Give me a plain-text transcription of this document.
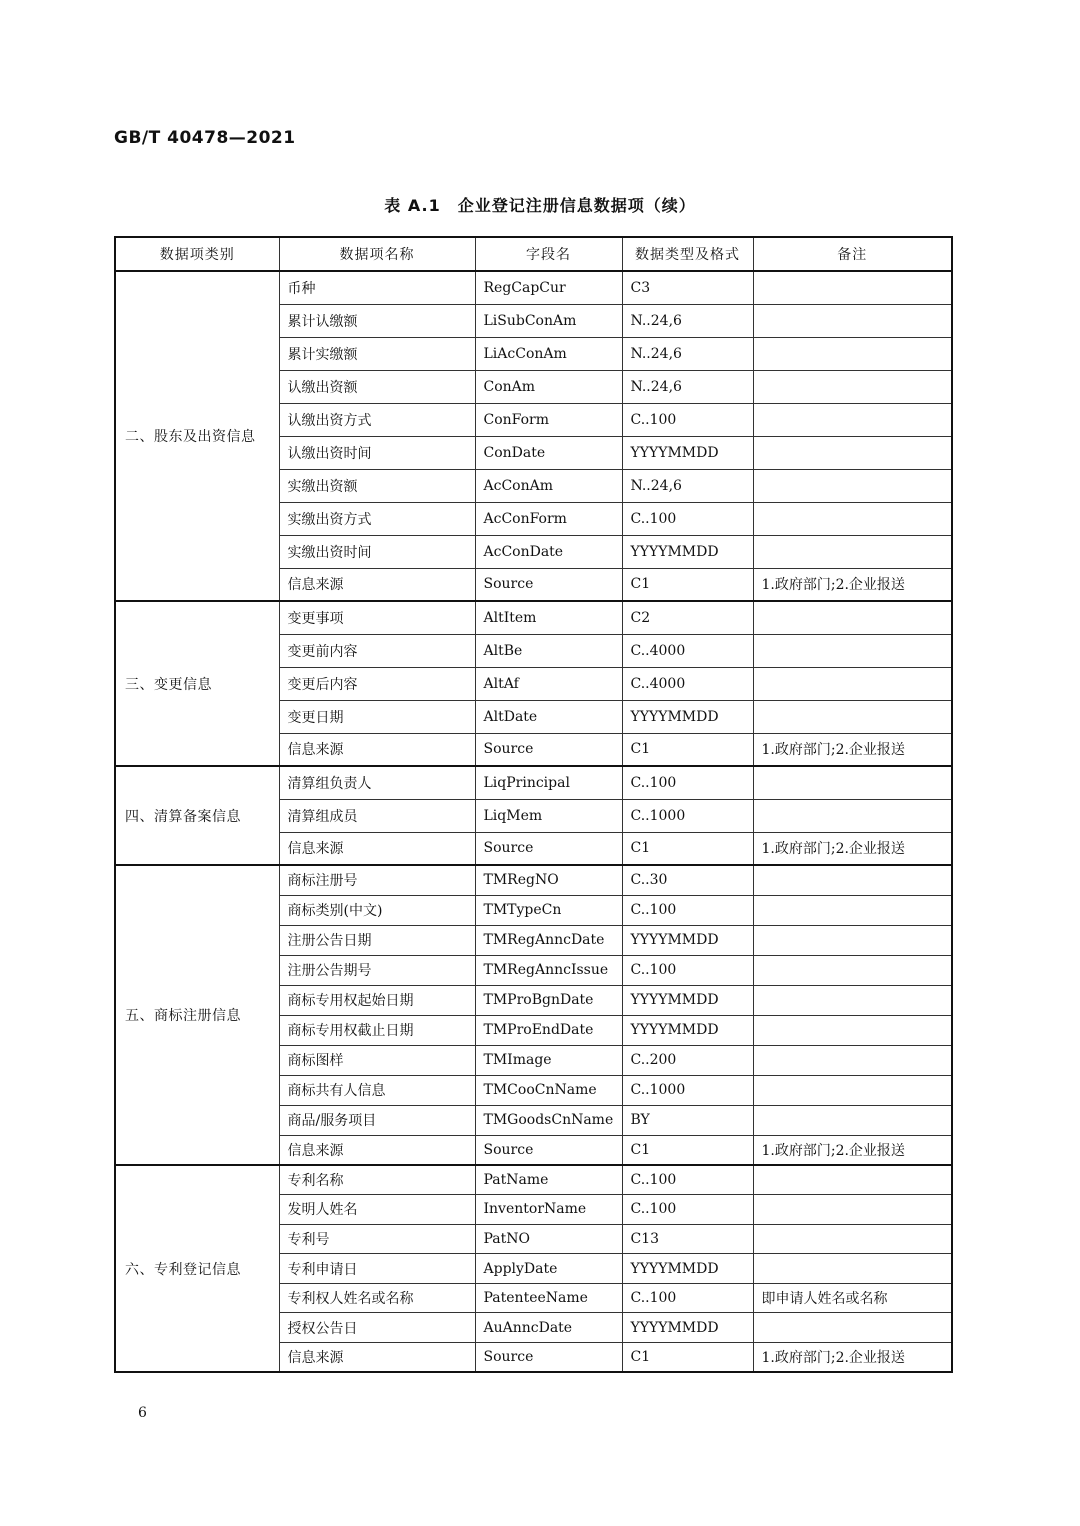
GB/T 40478—2021
表 A.1　企业登记注册信息数据项（续）
数据项类别	数据项名称	字段名	数据类型及格式	备注
二、股东及出资信息	币种	RegCapCur	C3	
	累计认缴额	LiSubConAm	N..24,6	
	累计实缴额	LiAcConAm	N..24,6	
	认缴出资额	ConAm	N..24,6	
	认缴出资方式	ConForm	C..100	
	认缴出资时间	ConDate	YYYYMMDD	
	实缴出资额	AcConAm	N..24,6	
	实缴出资方式	AcConForm	C..100	
	实缴出资时间	AcConDate	YYYYMMDD	
	信息来源	Source	C1	1.政府部门;2.企业报送
三、变更信息	变更事项	AltItem	C2	
	变更前内容	AltBe	C..4000	
	变更后内容	AltAf	C..4000	
	变更日期	AltDate	YYYYMMDD	
	信息来源	Source	C1	1.政府部门;2.企业报送
四、清算备案信息	清算组负责人	LiqPrincipal	C..100	
	清算组成员	LiqMem	C..1000	
	信息来源	Source	C1	1.政府部门;2.企业报送
五、商标注册信息	商标注册号	TMRegNO	C..30	
	商标类别(中文)	TMTypeCn	C..100	
	注册公告日期	TMRegAnncDate	YYYYMMDD	
	注册公告期号	TMRegAnncIssue	C..100	
	商标专用权起始日期	TMProBgnDate	YYYYMMDD	
	商标专用权截止日期	TMProEndDate	YYYYMMDD	
	商标图样	TMImage	C..200	
	商标共有人信息	TMCooCnName	C..1000	
	商品/服务项目	TMGoodsCnName	BY	
	信息来源	Source	C1	1.政府部门;2.企业报送
六、专利登记信息	专利名称	PatName	C..100	
	发明人姓名	InventorName	C..100	
	专利号	PatNO	C13	
	专利申请日	ApplyDate	YYYYMMDD	
	专利权人姓名或名称	PatenteeName	C..100	即申请人姓名或名称
	授权公告日	AuAnncDate	YYYYMMDD	
	信息来源	Source	C1	1.政府部门;2.企业报送
6
